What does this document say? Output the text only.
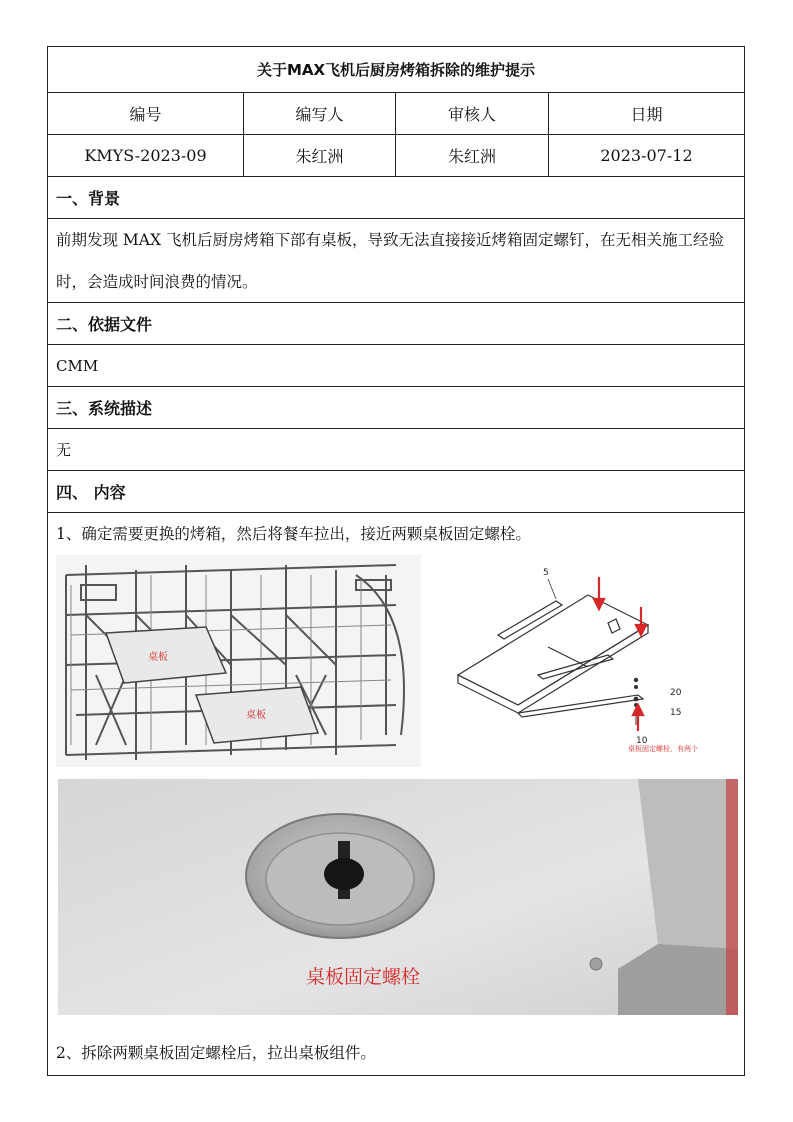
关于MAX飞机后厨房烤箱拆除的维护提示
编号	编写人	审核人	日期
KMYS-2023-09	朱红洲	朱红洲	2023-07-12
一、背景
前期发现 MAX 飞机后厨房烤箱下部有桌板，导致无法直接接近烤箱固定螺钉，在无相关施工经验时，会造成时间浪费的情况。
二、依据文件
CMM
三、系统描述
无
四、 内容
1、确定需要更换的烤箱，然后将餐车拉出，接近两颗桌板固定螺栓。
桌板
桌板
5
20
15
10
桌板固定螺栓，有两个
桌板固定螺栓
2、拆除两颗桌板固定螺栓后，拉出桌板组件。
